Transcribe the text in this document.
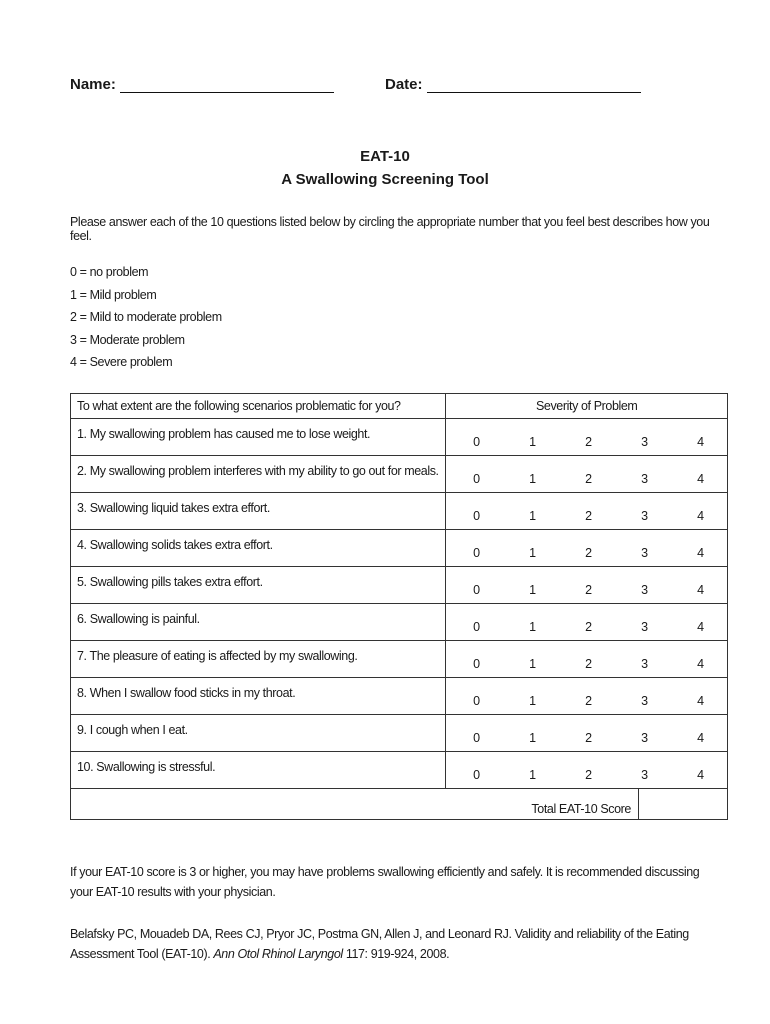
Name:	Date:
EAT-10
A Swallowing Screening Tool
Please answer each of the 10 questions listed below by circling the appropriate number that you feel best describes how you feel.
0 = no problem
1 = Mild problem
2 = Mild to moderate problem
3 = Moderate problem
4 = Severe problem
To what extent are the following scenarios problematic for you?	Severity of Problem
1. My swallowing problem has caused me to lose weight.	0 1 2 3 4

2. My swallowing problem interferes with my ability to go out for meals.	0 1 2 3 4

3. Swallowing liquid takes extra effort.	0 1 2 3 4

4. Swallowing solids takes extra effort.	0 1 2 3 4

5. Swallowing pills takes extra effort.	0 1 2 3 4

6. Swallowing is painful.	0 1 2 3 4

7. The pleasure of eating is affected by my swallowing.	0 1 2 3 4

8. When I swallow food sticks in my throat.	0 1 2 3 4

9. I cough when I eat.	0 1 2 3 4

10. Swallowing is stressful.	0 1 2 3 4

Total EAT-10 Score	
If your EAT-10 score is 3 or higher, you may have problems swallowing efficiently and safely. It is recommended discussing your EAT-10 results with your physician.
Belafsky PC, Mouadeb DA, Rees CJ, Pryor JC, Postma GN, Allen J, and Leonard RJ. Validity and reliability of the Eating Assessment Tool (EAT-10). Ann Otol Rhinol Laryngol 117: 919-924, 2008.
